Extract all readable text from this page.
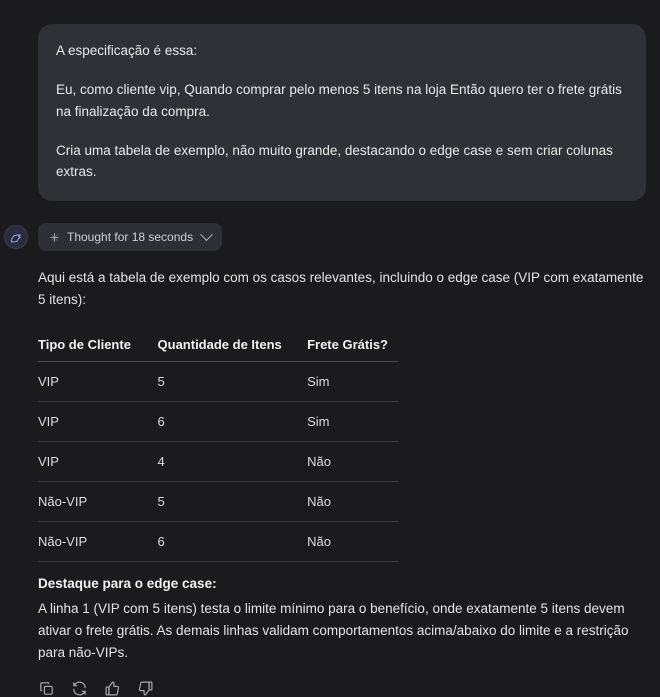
A especificação é essa:

Eu, como cliente vip, Quando comprar pelo menos 5 itens na loja Então quero ter o frete grátis na finalização da compra.

Cria uma tabela de exemplo, não muito grande, destacando o edge case e sem criar colunas extras.

Thought for 18 seconds

Aqui está a tabela de exemplo com os casos relevantes, incluindo o edge case (VIP com exatamente 5 itens):

Tipo de Cliente	Quantidade de Itens	Frete Grátis?
VIP	5	Sim
VIP	6	Sim
VIP	4	Não
Não-VIP	5	Não
Não-VIP	6	Não
Destaque para o edge case:

A linha 1 (VIP com 5 itens) testa o limite mínimo para o benefício, onde exatamente 5 itens devem ativar o frete grátis. As demais linhas validam comportamentos acima/abaixo do limite e a restrição para não-VIPs.
